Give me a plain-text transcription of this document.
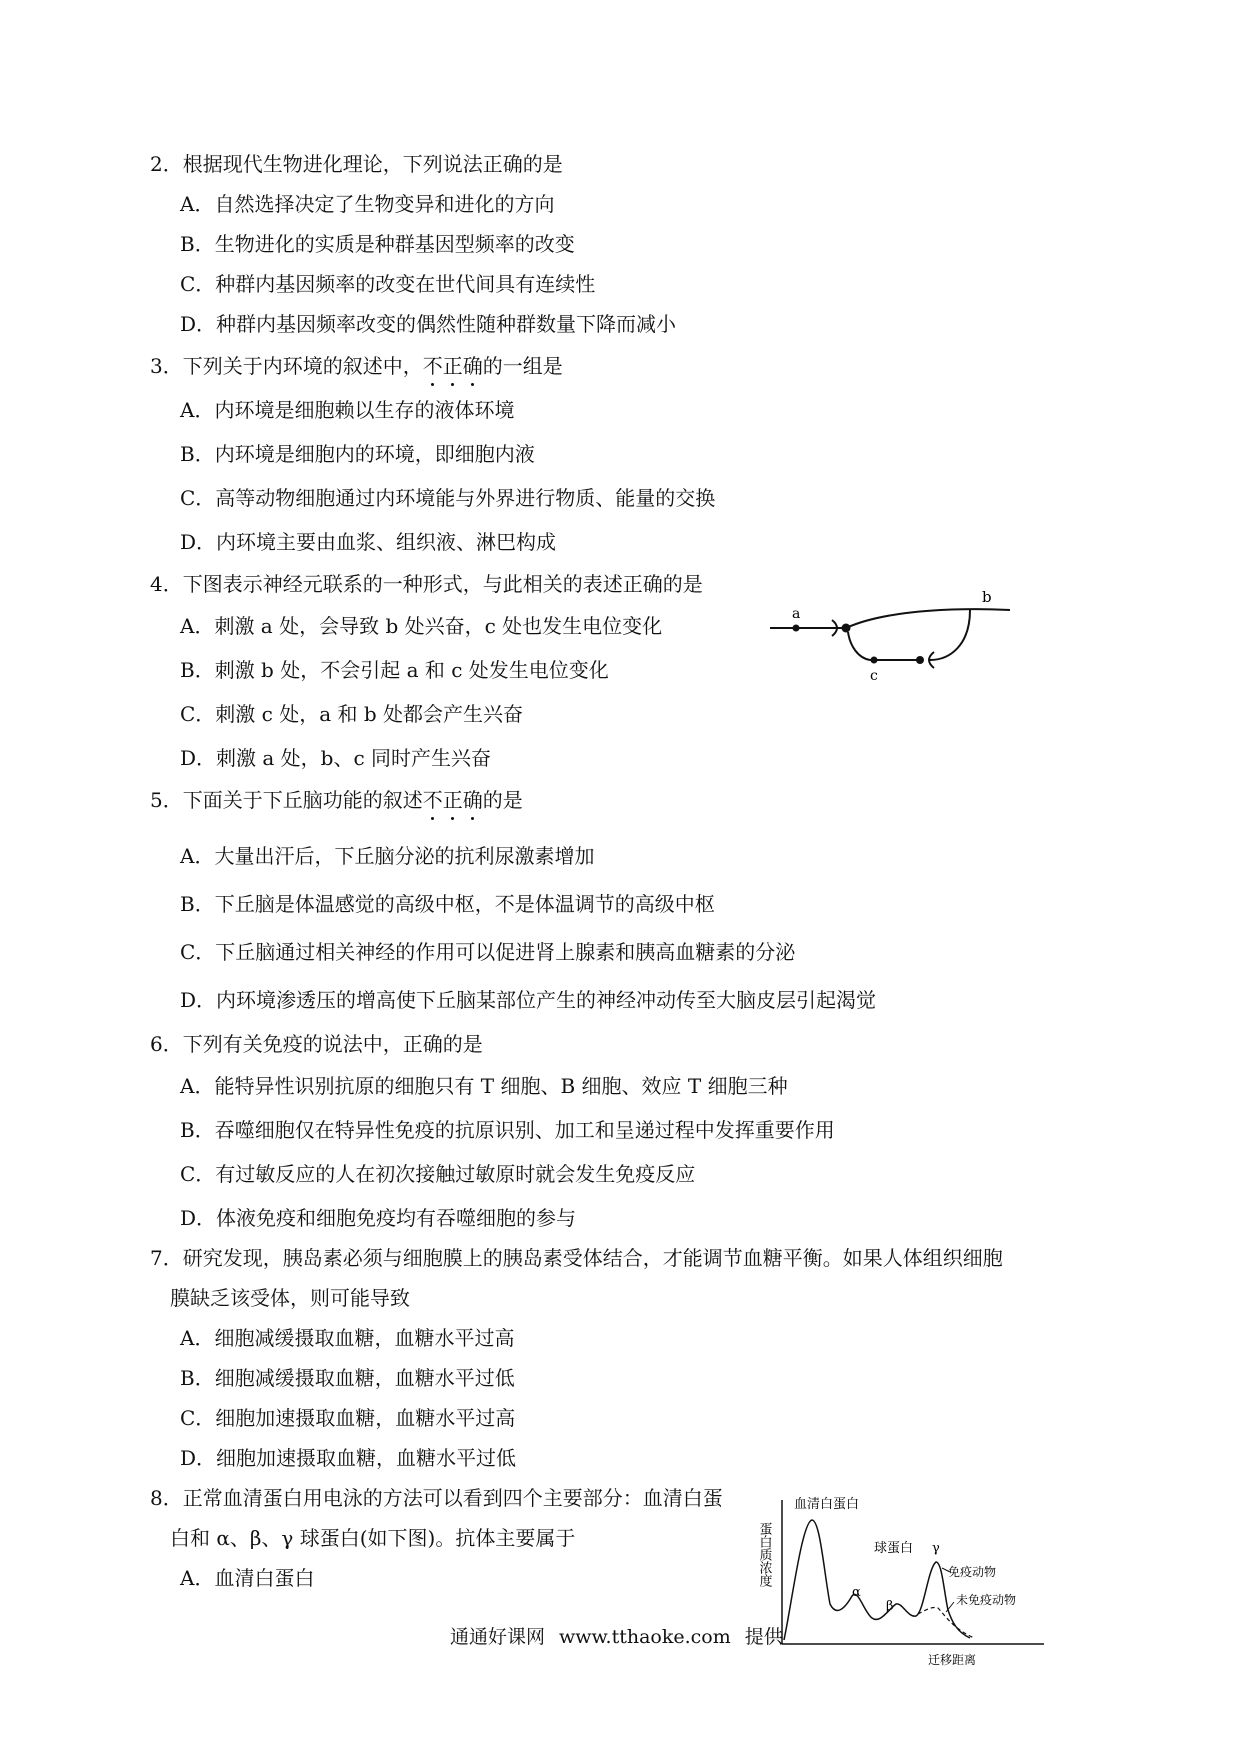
2．根据现代生物进化理论，下列说法正确的是
A．自然选择决定了生物变异和进化的方向
B．生物进化的实质是种群基因型频率的改变
C．种群内基因频率的改变在世代间具有连续性
D．种群内基因频率改变的偶然性随种群数量下降而减小
3．下列关于内环境的叙述中，不正确的一组是
A．内环境是细胞赖以生存的液体环境
B．内环境是细胞内的环境，即细胞内液
C．高等动物细胞通过内环境能与外界进行物质、能量的交换
D．内环境主要由血浆、组织液、淋巴构成
4．下图表示神经元联系的一种形式，与此相关的表述正确的是
A．刺激 a 处，会导致 b 处兴奋，c 处也发生电位变化
B．刺激 b 处，不会引起 a 和 c 处发生电位变化
C．刺激 c 处，a 和 b 处都会产生兴奋
D．刺激 a 处，b、c 同时产生兴奋
a
b
c
5．下面关于下丘脑功能的叙述不正确的是
A．大量出汗后，下丘脑分泌的抗利尿激素增加
B．下丘脑是体温感觉的高级中枢，不是体温调节的高级中枢
C．下丘脑通过相关神经的作用可以促进肾上腺素和胰高血糖素的分泌
D．内环境渗透压的增高使下丘脑某部位产生的神经冲动传至大脑皮层引起渴觉
6．下列有关免疫的说法中，正确的是
A．能特异性识别抗原的细胞只有 T 细胞、B 细胞、效应 T 细胞三种
B．吞噬细胞仅在特异性免疫的抗原识别、加工和呈递过程中发挥重要作用
C．有过敏反应的人在初次接触过敏原时就会发生免疫反应
D．体液免疫和细胞免疫均有吞噬细胞的参与
7．研究发现，胰岛素必须与细胞膜上的胰岛素受体结合，才能调节血糖平衡。如果人体组织细胞
膜缺乏该受体，则可能导致
A．细胞减缓摄取血糖，血糖水平过高
B．细胞减缓摄取血糖，血糖水平过低
C．细胞加速摄取血糖，血糖水平过高
D．细胞加速摄取血糖，血糖水平过低
8．正常血清蛋白用电泳的方法可以看到四个主要部分：血清白蛋
白和 α、β、γ 球蛋白(如下图)。抗体主要属于
A．血清白蛋白	蛋白质浓度
血清白蛋白
球蛋白
α
β
γ
免疫动物
未免疫动物
迁移距离
通通好课网 www.tthaoke.com 提供
